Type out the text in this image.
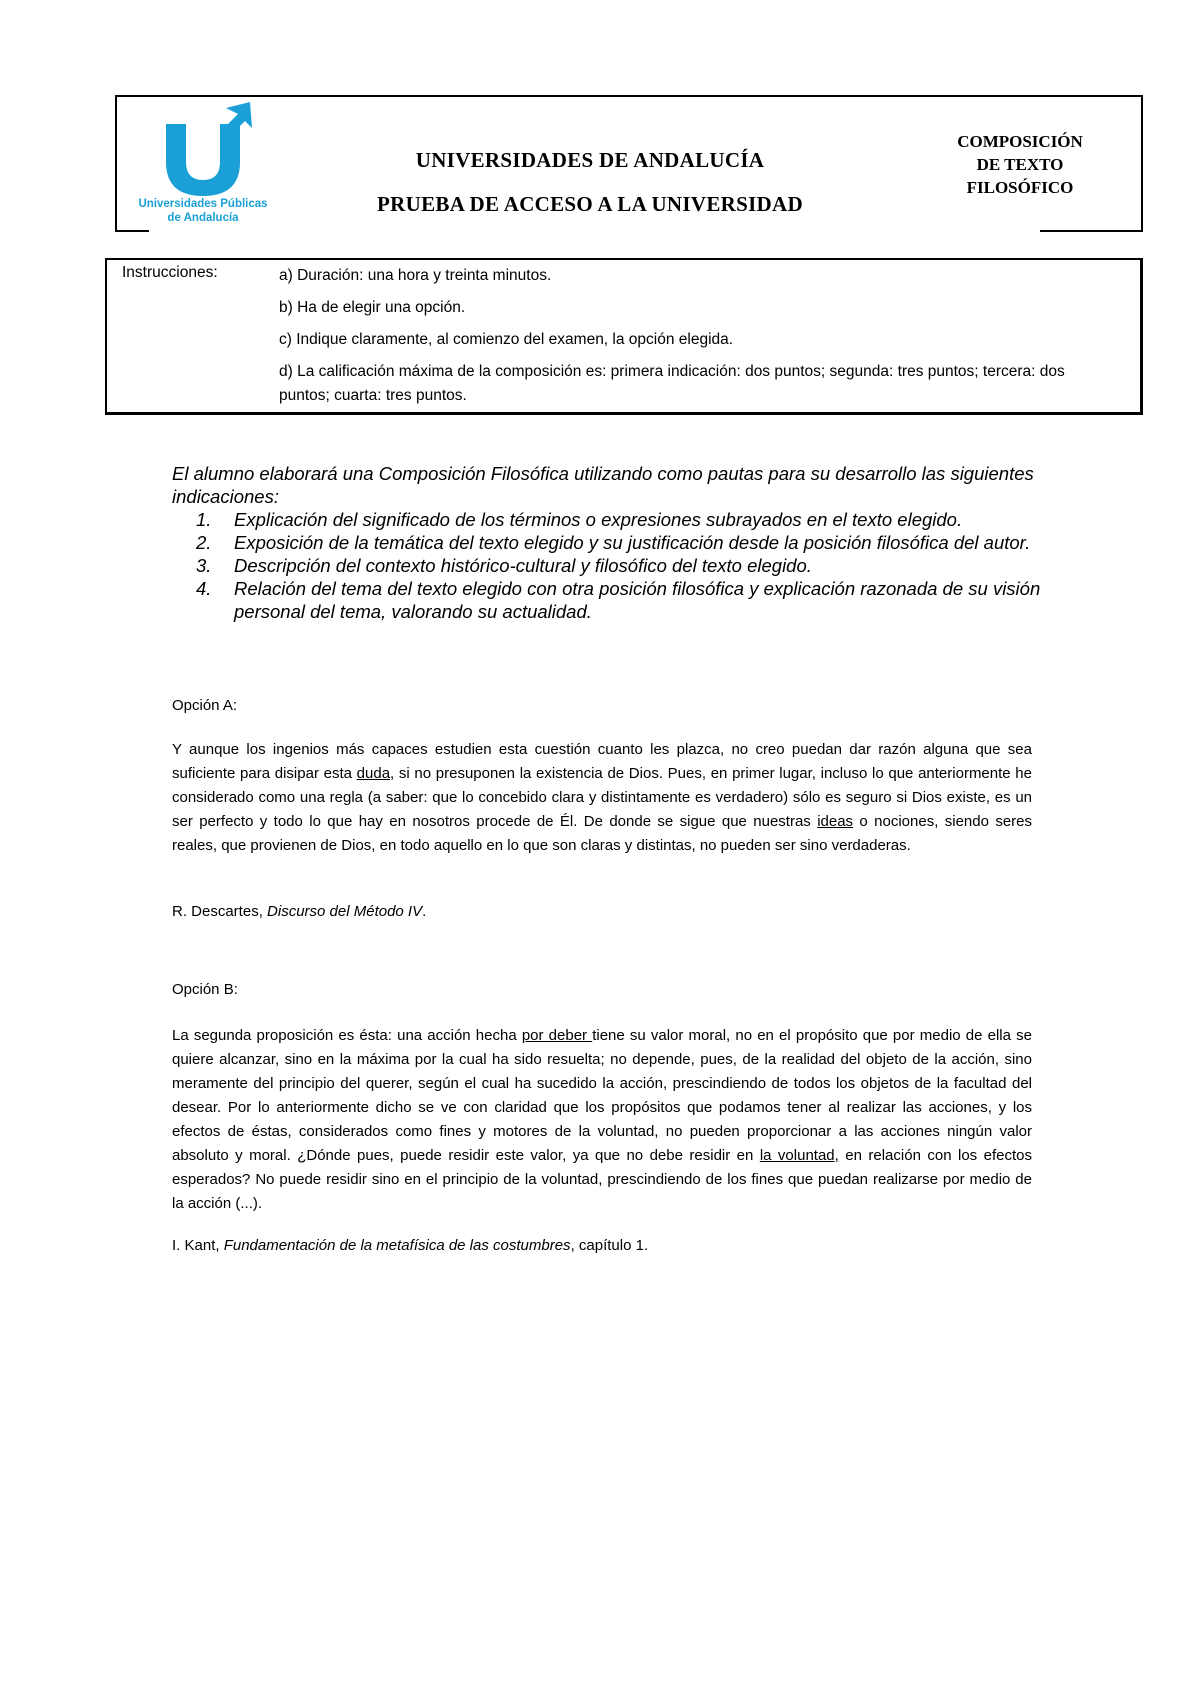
Universidades Públicas
de Andalucía
UNIVERSIDADES DE ANDALUCÍA
PRUEBA DE ACCESO A LA UNIVERSIDAD
COMPOSICIÓN
DE TEXTO
FILOSÓFICO
Instrucciones:	a) Duración: una hora y treinta minutos.
b) Ha de elegir una opción.
c) Indique claramente, al comienzo del examen, la opción elegida.
d) La calificación máxima de la composición es: primera indicación: dos puntos; segunda: tres puntos; tercera: dos puntos; cuarta: tres puntos.

El alumno elaborará una Composición Filosófica utilizando como pautas para su desarrollo las siguientes indicaciones:

1. Explicación del significado de los términos o expresiones subrayados en el texto elegido.
2. Exposición de la temática del texto elegido y su justificación desde la posición filosófica del autor.
3. Descripción del contexto histórico-cultural y filosófico del texto elegido.
4. Relación del tema del texto elegido con otra posición filosófica y explicación razonada de su visión personal del tema, valorando su actualidad.
Opción A:
Y aunque los ingenios más capaces estudien esta cuestión cuanto les plazca, no creo puedan dar razón alguna que sea suficiente para disipar esta duda, si no presuponen la existencia de Dios. Pues, en primer lugar, incluso lo que anteriormente he considerado como una regla (a saber: que lo concebido clara y distintamente es verdadero) sólo es seguro si Dios existe, es un ser perfecto y todo lo que hay en nosotros procede de Él. De donde se sigue que nuestras ideas o nociones, siendo seres reales, que provienen de Dios, en todo aquello en lo que son claras y distintas, no pueden ser sino verdaderas.
R. Descartes, Discurso del Método IV.
Opción B:
La segunda proposición es ésta: una acción hecha por deber tiene su valor moral, no en el propósito que por medio de ella se quiere alcanzar, sino en la máxima por la cual ha sido resuelta; no depende, pues, de la realidad del objeto de la acción, sino meramente del principio del querer, según el cual ha sucedido la acción, prescindiendo de todos los objetos de la facultad del desear. Por lo anteriormente dicho se ve con claridad que los propósitos que podamos tener al realizar las acciones, y los efectos de éstas, considerados como fines y motores de la voluntad, no pueden proporcionar a las acciones ningún valor absoluto y moral. ¿Dónde pues, puede residir este valor, ya que no debe residir en la voluntad, en relación con los efectos esperados? No puede residir sino en el principio de la voluntad, prescindiendo de los fines que puedan realizarse por medio de la acción (...).
I. Kant, Fundamentación de la metafísica de las costumbres, capítulo 1.
